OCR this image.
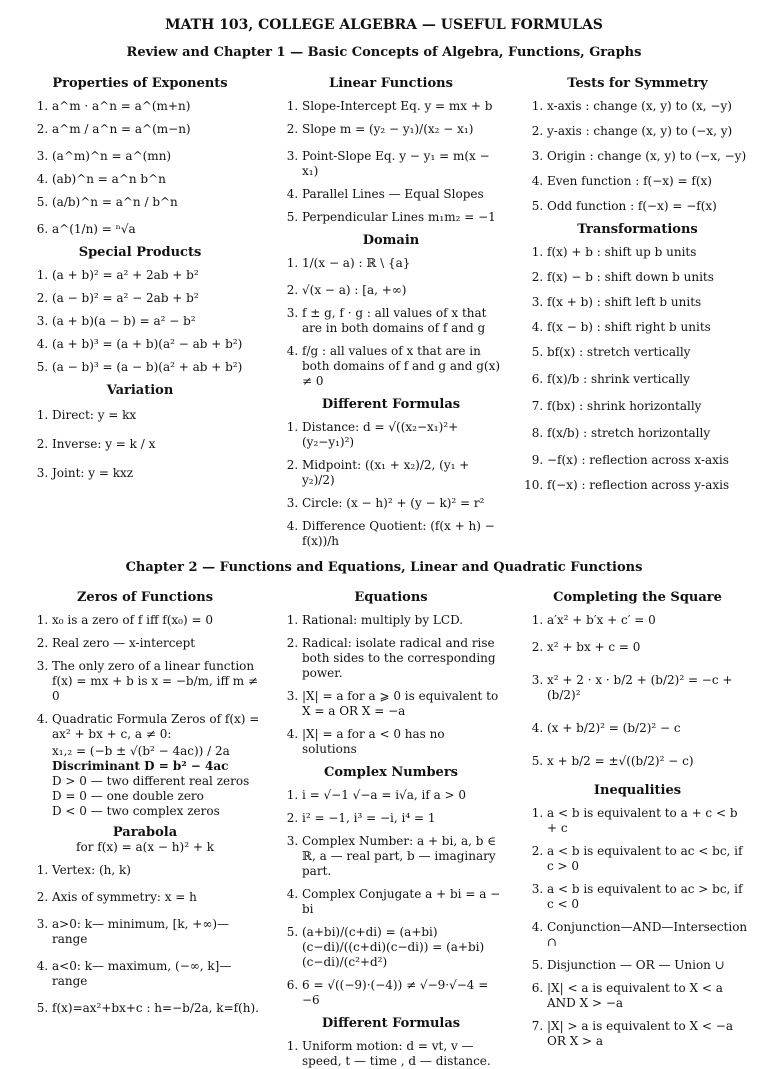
MATH 103, COLLEGE ALGEBRA — USEFUL FORMULAS
Review and Chapter 1 — Basic Concepts of Algebra, Functions, Graphs
Properties of Exponents
1. a^m · a^n = a^(m+n)
2. a^m / a^n = a^(m−n)
3. (a^m)^n = a^(mn)
4. (ab)^n = a^n b^n
5. (a/b)^n = a^n / b^n
6. a^(1/n) = ⁿ√a
Special Products
1. (a + b)² = a² + 2ab + b²
2. (a − b)² = a² − 2ab + b²
3. (a + b)(a − b) = a² − b²
4. (a + b)³ = (a + b)(a² − ab + b²)
5. (a − b)³ = (a − b)(a² + ab + b²)
Variation
1. Direct: y = kx
2. Inverse: y = k / x
3. Joint: y = kxz
Linear Functions
1. Slope-Intercept Eq. y = mx + b
2. Slope m = (y₂ − y₁)/(x₂ − x₁)
3. Point-Slope Eq. y − y₁ = m(x − x₁)
4. Parallel Lines — Equal Slopes
5. Perpendicular Lines m₁m₂ = −1
Domain
1. 1/(x − a) : ℝ \ {a}
2. √(x − a) : [a, +∞)
3. f ± g, f · g : all values of x that are in both domains of f and g
4. f/g : all values of x that are in both domains of f and g and g(x) ≠ 0
Different Formulas
1. Distance: d = √((x₂−x₁)²+(y₂−y₁)²)
2. Midpoint: ((x₁ + x₂)/2, (y₁ + y₂)/2)
3. Circle: (x − h)² + (y − k)² = r²
4. Difference Quotient: (f(x + h) − f(x))/h
Tests for Symmetry
1. x-axis : change (x, y) to (x, −y)
2. y-axis : change (x, y) to (−x, y)
3. Origin : change (x, y) to (−x, −y)
4. Even function : f(−x) = f(x)
5. Odd function : f(−x) = −f(x)
Transformations
1. f(x) + b : shift up b units
2. f(x) − b : shift down b units
3. f(x + b) : shift left b units
4. f(x − b) : shift right b units
5. bf(x) : stretch vertically
6. f(x)/b : shrink vertically
7. f(bx) : shrink horizontally
8. f(x/b) : stretch horizontally
9. −f(x) : reflection across x-axis
10. f(−x) : reflection across y-axis
Chapter 2 — Functions and Equations, Linear and Quadratic Functions
Zeros of Functions
1. x₀ is a zero of f iff f(x₀) = 0
2. Real zero — x-intercept
3. The only zero of a linear function f(x) = mx + b is x = −b/m, iff m ≠ 0
4. Quadratic Formula Zeros of f(x) = ax² + bx + c, a ≠ 0:
x₁,₂ = (−b ± √(b² − 4ac)) / 2a
Discriminant D = b² − 4ac
D > 0 — two different real zeros
D = 0 — one double zero
D < 0 — two complex zeros
Parabola
for f(x) = a(x − h)² + k
1. Vertex: (h, k)
2. Axis of symmetry: x = h
3. a>0: k— minimum, [k, +∞)— range
4. a<0: k— maximum, (−∞, k]— range
5. f(x)=ax²+bx+c : h=−b/2a, k=f(h).
Equations
1. Rational: multiply by LCD.
2. Radical: isolate radical and rise both sides to the corresponding power.
3. |X| = a for a ⩾ 0 is equivalent to X = a OR X = −a
4. |X| = a for a < 0 has no solutions
Complex Numbers
1. i = √−1 √−a = i√a, if a > 0
2. i² = −1, i³ = −i, i⁴ = 1
3. Complex Number: a + bi, a, b ∈ ℝ, a — real part, b — imaginary part.
4. Complex Conjugate a + bi = a − bi
5. (a+bi)/(c+di) = (a+bi)(c−di)/((c+di)(c−di)) = (a+bi)(c−di)/(c²+d²)
6. 6 = √((−9)·(−4)) ≠ √−9·√−4 = −6
Different Formulas
1. Uniform motion: d = vt, v — speed, t — time , d — distance.
Completing the Square
1. a′x² + b′x + c′ = 0
2. x² + bx + c = 0
3. x² + 2 · x · b/2 + (b/2)² = −c + (b/2)²
4. (x + b/2)² = (b/2)² − c
5. x + b/2 = ±√((b/2)² − c)
Inequalities
1. a < b is equivalent to a + c < b + c
2. a < b is equivalent to ac < bc, if c > 0
3. a < b is equivalent to ac > bc, if c < 0
4. Conjunction—AND—Intersection ∩
5. Disjunction — OR — Union ∪
6. |X| < a is equivalent to X < a AND X > −a
7. |X| > a is equivalent to X < −a OR X > a
